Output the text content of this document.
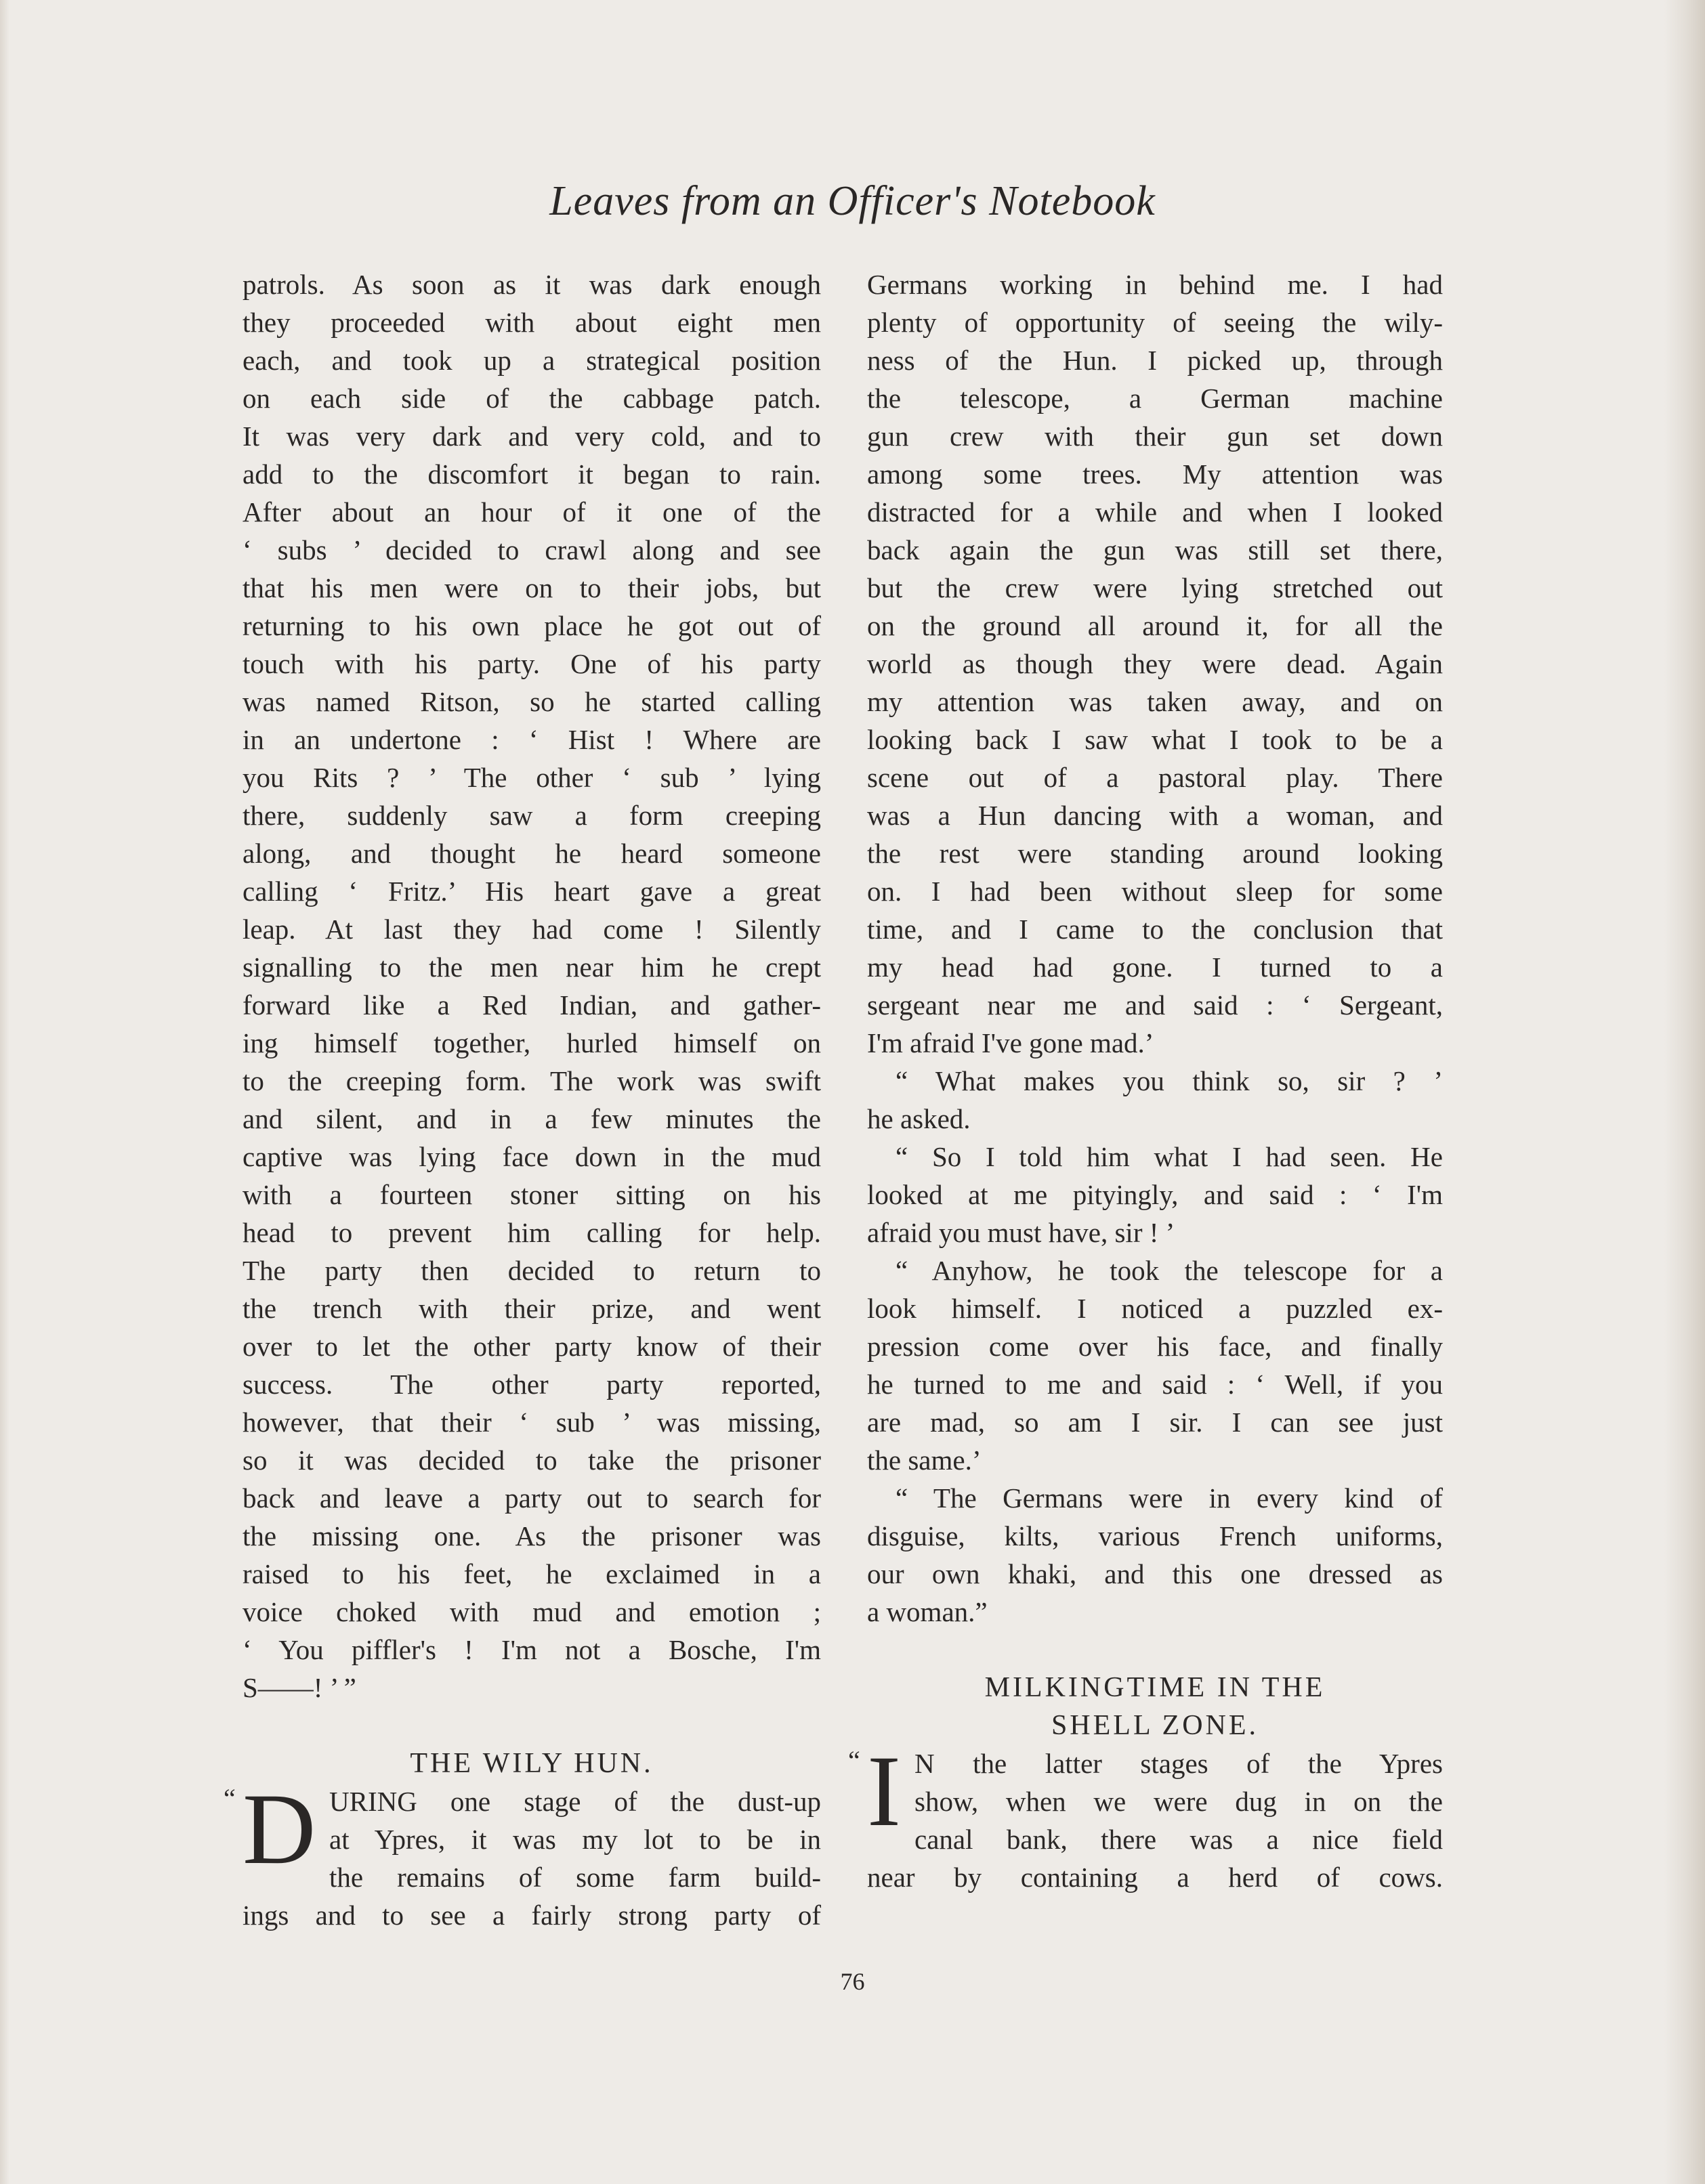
Leaves from an Officer's Notebook
patrols. As soon as it was dark enough
they proceeded with about eight men
each, and took up a strategical position
on each side of the cabbage patch.
It was very dark and very cold, and to
add to the discomfort it began to rain.
After about an hour of it one of the
‘ subs ’ decided to crawl along and see
that his men were on to their jobs, but
returning to his own place he got out of
touch with his party. One of his party
was named Ritson, so he started calling
in an undertone : ‘ Hist ! Where are
you Rits ? ’ The other ‘ sub ’ lying
there, suddenly saw a form creeping
along, and thought he heard someone
calling ‘ Fritz.’ His heart gave a great
leap. At last they had come ! Silently
signalling to the men near him he crept
forward like a Red Indian, and gather-
ing himself together, hurled himself on
to the creeping form. The work was swift
and silent, and in a few minutes the
captive was lying face down in the mud
with a fourteen stoner sitting on his
head to prevent him calling for help.
The party then decided to return to
the trench with their prize, and went
over to let the other party know of their
success. The other party reported,
however, that their ‘ sub ’ was missing,
so it was decided to take the prisoner
back and leave a party out to search for
the missing one. As the prisoner was
raised to his feet, he exclaimed in a
voice choked with mud and emotion ;
‘ You piffler's ! I'm not a Bosche, I'm
S——! ’ ”
THE WILY HUN.
“ D URING one stage of the dust-up
at Ypres, it was my lot to be in
the remains of some farm build-
ings and to see a fairly strong party of
Germans working in behind me. I had
plenty of opportunity of seeing the wily-
ness of the Hun. I picked up, through
the telescope, a German machine
gun crew with their gun set down
among some trees. My attention was
distracted for a while and when I looked
back again the gun was still set there,
but the crew were lying stretched out
on the ground all around it, for all the
world as though they were dead. Again
my attention was taken away, and on
looking back I saw what I took to be a
scene out of a pastoral play. There
was a Hun dancing with a woman, and
the rest were standing around looking
on. I had been without sleep for some
time, and I came to the conclusion that
my head had gone. I turned to a
sergeant near me and said : ‘ Sergeant,
I'm afraid I've gone mad.’
“ What makes you think so, sir ? ’
he asked.
“ So I told him what I had seen. He
looked at me pityingly, and said : ‘ I'm
afraid you must have, sir ! ’
“ Anyhow, he took the telescope for a
look himself. I noticed a puzzled ex-
pression come over his face, and finally
he turned to me and said : ‘ Well, if you
are mad, so am I sir. I can see just
the same.’
“ The Germans were in every kind of
disguise, kilts, various French uniforms,
our own khaki, and this one dressed as
a woman.”
MILKINGTIME IN THE
SHELL ZONE.
“ I N the latter stages of the Ypres
show, when we were dug in on the
canal bank, there was a nice field
near by containing a herd of cows.
76
